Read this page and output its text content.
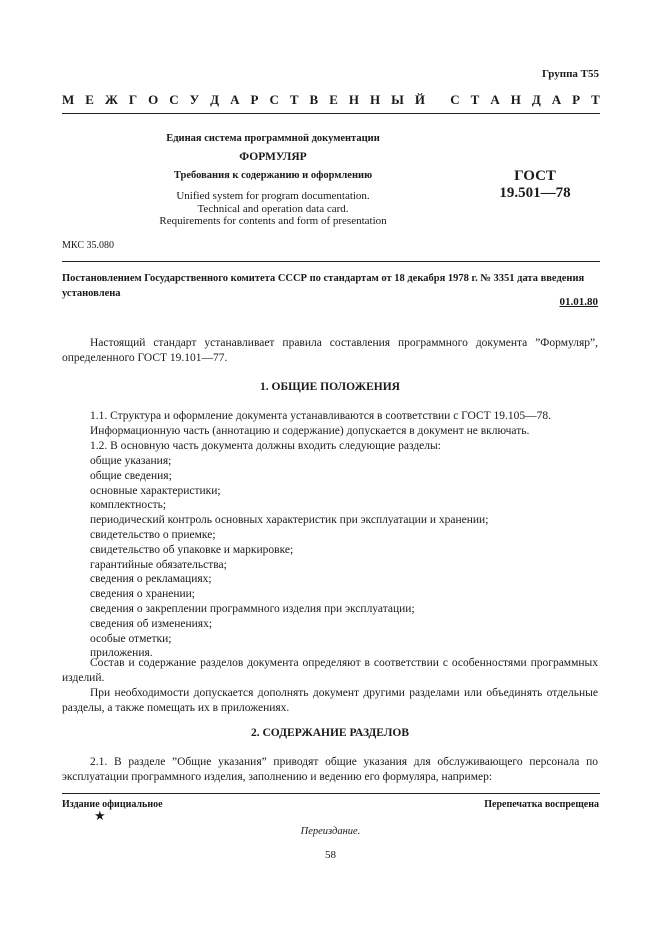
Группа Т55
М Е Ж Г О С У Д А Р С Т В Е Н Н Ы Й
С Т А Н Д А Р Т
Единая система программной документации
ФОРМУЛЯР
Требования к содержанию и оформлению
Unified system for program documentation.
Technical and operation data card.
Requirements for contents and form of presentation
ГОСТ
19.501—78
МКС 35.080
Постановлением Государственного комитета СССР по стандартам от 18 декабря 1978 г. № 3351 дата введения установлена
01.01.80
Настоящий стандарт устанавливает правила составления программного документа ”Формуляр”, определенного ГОСТ 19.101—77.
1. ОБЩИЕ ПОЛОЖЕНИЯ
1.1. Структура и оформление документа устанавливаются в соответствии с ГОСТ 19.105—78.
Информационную часть (аннотацию и содержание) допускается в документ не включать.
1.2. В основную часть документа должны входить следующие разделы:
общие указания;
общие сведения;
основные характеристики;
комплектность;
периодический контроль основных характеристик при эксплуатации и хранении;
свидетельство о приемке;
свидетельство об упаковке и маркировке;
гарантийные обязательства;
сведения о рекламациях;
сведения о хранении;
сведения о закреплении программного изделия при эксплуатации;
сведения об изменениях;
особые отметки;
приложения.
Состав и содержание разделов документа определяют в соответствии с особенностями программных изделий.
При необходимости допускается дополнять документ другими разделами или объединять отдельные разделы, а также помещать их в приложениях.
2. СОДЕРЖАНИЕ РАЗДЕЛОВ
2.1. В разделе ”Общие указания” приводят общие указания для обслуживающего персонала по эксплуатации программного изделия, заполнению и ведению его формуляра, например:
Издание официальное	Перепечатка воспрещена
★
Переиздание.
58
